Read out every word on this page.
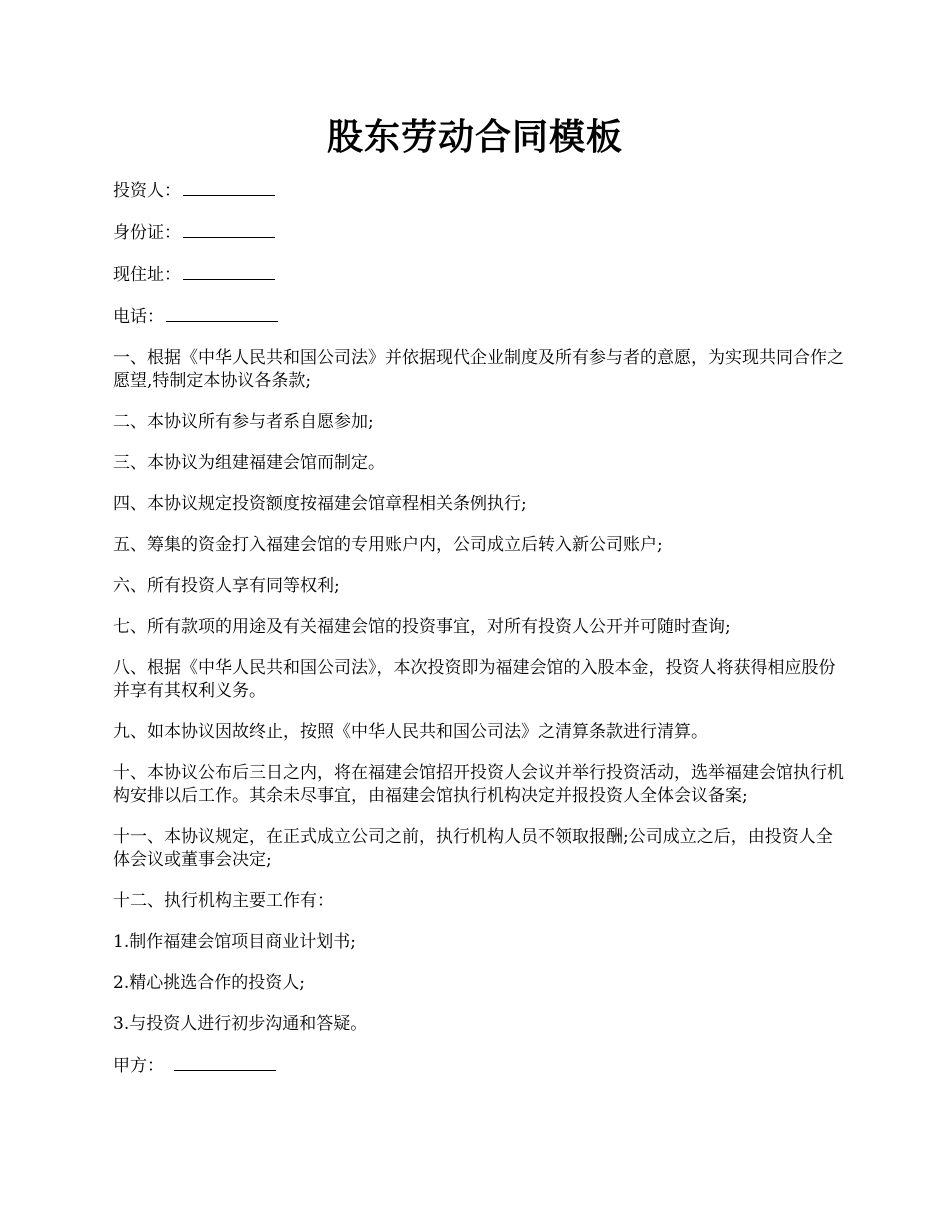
股东劳动合同模板

投资人：

身份证：

现住址：

电话：

一、根据《中华人民共和国公司法》并依据现代企业制度及所有参与者的意愿，为实现共同合作之愿望,特制定本协议各条款;

二、本协议所有参与者系自愿参加;

三、本协议为组建福建会馆而制定。

四、本协议规定投资额度按福建会馆章程相关条例执行;

五、筹集的资金打入福建会馆的专用账户内，公司成立后转入新公司账户;

六、所有投资人享有同等权利;

七、所有款项的用途及有关福建会馆的投资事宜，对所有投资人公开并可随时查询;

八、根据《中华人民共和国公司法》，本次投资即为福建会馆的入股本金，投资人将获得相应股份并享有其权利义务。

九、如本协议因故终止，按照《中华人民共和国公司法》之清算条款进行清算。

十、本协议公布后三日之内，将在福建会馆招开投资人会议并举行投资活动，选举福建会馆执行机构安排以后工作。其余未尽事宜，由福建会馆执行机构决定并报投资人全体会议备案;

十一、本协议规定，在正式成立公司之前，执行机构人员不领取报酬;公司成立之后，由投资人全体会议或董事会决定;

十二、执行机构主要工作有：

1.制作福建会馆项目商业计划书;

2.精心挑选合作的投资人;

3.与投资人进行初步沟通和答疑。

甲方：
